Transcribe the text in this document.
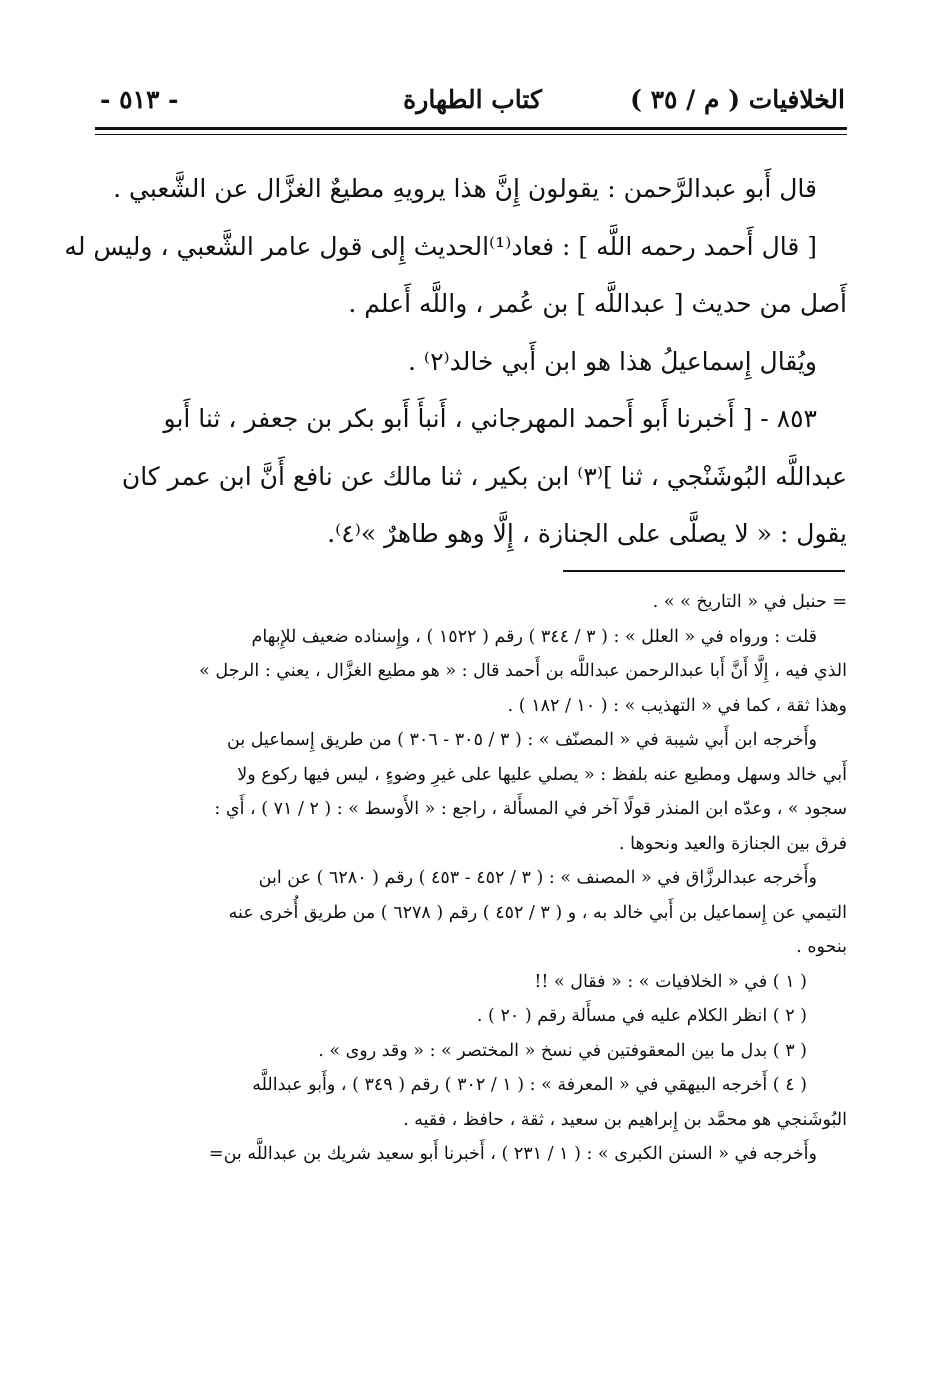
الخلافيات ( م / ٣٥ )
كتاب الطهارة
- ٥١٣ -

قال أَبو عبدالرَّحمن : يقولون إِنَّ هذا يرويهِ مطيعٌ الغزَّال عن الشَّعبي .

[ قال أَحمد رحمه اللَّه ] : فعاد⁽¹⁾الحديث إِلى قول عامر الشَّعبي ، وليس له

أَصل من حديث [ عبداللَّه ] بن عُمر ، واللَّه أَعلم .

ويُقال إِسماعيلُ هذا هو ابن أَبي خالد⁽٢⁾ .

٨٥٣ - [ أَخبرنا أَبو أَحمد المهرجاني ، أَنبأَ أَبو بكر بن جعفر ، ثنا أَبو

عبداللَّه البُوشَنْجي ، ثنا ]⁽٣⁾ ابن بكير ، ثنا مالك عن نافع أَنَّ ابن عمر كان

يقول : « لا يصلَّى على الجنازة ، إِلَّا وهو طاهرٌ »⁽٤⁾.

= حنبل في « التاريخ » » .

قلت : ورواه في « العلل » : ( ٣ / ٣٤٤ ) رقم ( ١٥٢٢ ) ، وإِسناده ضعيف للإِبهام

الذي فيه ، إِلَّا أَنَّ أَبا عبدالرحمن عبداللَّه بن أَحمد قال : « هو مطيع الغزَّال ، يعني : الرجل »

وهذا ثقة ، كما في « التهذيب » : ( ١٠ / ١٨٢ ) .

وأَخرجه ابن أَبي شيبة في « المصنّف » : ( ٣ / ٣٠٥ - ٣٠٦ ) من طريق إِسماعيل بن

أَبي خالد وسهل ومطيع عنه بلفظ : « يصلي عليها على غيرِ وضوءٍ ، ليس فيها ركوع ولا

سجود » ، وعدّه ابن المنذر قولًا آخر في المسأَلة ، راجع : « الأَوسط » : ( ٢ / ٧١ ) ، أَي :

فرق بين الجنازة والعيد ونحوها .

وأَخرجه عبدالرزَّاق في « المصنف » : ( ٣ / ٤٥٢ - ٤٥٣ ) رقم ( ٦٢٨٠ ) عن ابن

التيمي عن إِسماعيل بن أَبي خالد به ، و ( ٣ / ٤٥٢ ) رقم ( ٦٢٧٨ ) من طريق أُخرى عنه

بنحوه .

( ١ ) في « الخلافيات » : « فقال » !!

( ٢ ) انظر الكلام عليه في مسأَلة رقم ( ٢٠ ) .

( ٣ ) بدل ما بين المعقوفتين في نسخ « المختصر » : « وقد روى » .

( ٤ ) أَخرجه البيهقي في « المعرفة » : ( ١ / ٣٠٢ ) رقم ( ٣٤٩ ) ، وأَبو عبداللَّه

البُوشَنجي هو محمَّد بن إِبراهيم بن سعيد ، ثقة ، حافظ ، فقيه .

وأَخرجه في « السنن الكبرى » : ( ١ / ٢٣١ ) ، أَخبرنا أَبو سعيد شريك بن عبداللَّه بن=
